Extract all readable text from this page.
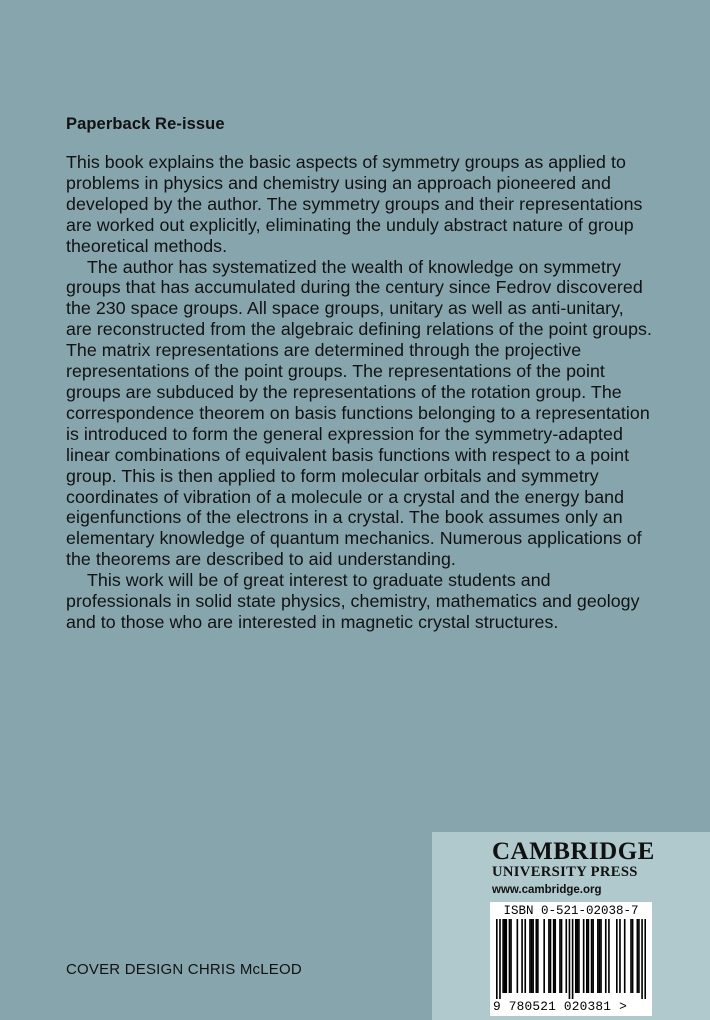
Paperback Re-issue

This book explains the basic aspects of symmetry groups as applied to problems in physics and chemistry using an approach pioneered and developed by the author. The symmetry groups and their representations are worked out explicitly, eliminating the unduly abstract nature of group theoretical methods.

The author has systematized the wealth of knowledge on symmetry groups that has accumulated during the century since Fedrov discovered the 230 space groups. All space groups, unitary as well as anti-unitary, are reconstructed from the algebraic defining relations of the point groups. The matrix representations are determined through the projective representations of the point groups. The representations of the point groups are subduced by the representations of the rotation group. The correspondence theorem on basis functions belonging to a representation is introduced to form the general expression for the symmetry-adapted linear combinations of equivalent basis functions with respect to a point group. This is then applied to form molecular orbitals and symmetry coordinates of vibration of a molecule or a crystal and the energy band eigenfunctions of the electrons in a crystal. The book assumes only an elementary knowledge of quantum mechanics. Numerous applications of the theorems are described to aid understanding.

This work will be of great interest to graduate students and professionals in solid state physics, chemistry, mathematics and geology and to those who are interested in magnetic crystal structures.

COVER DESIGN CHRIS McLEOD
CAMBRIDGE
UNIVERSITY PRESS
www.cambridge.org
ISBN 0-521-02038-7
9 780521 020381 >
